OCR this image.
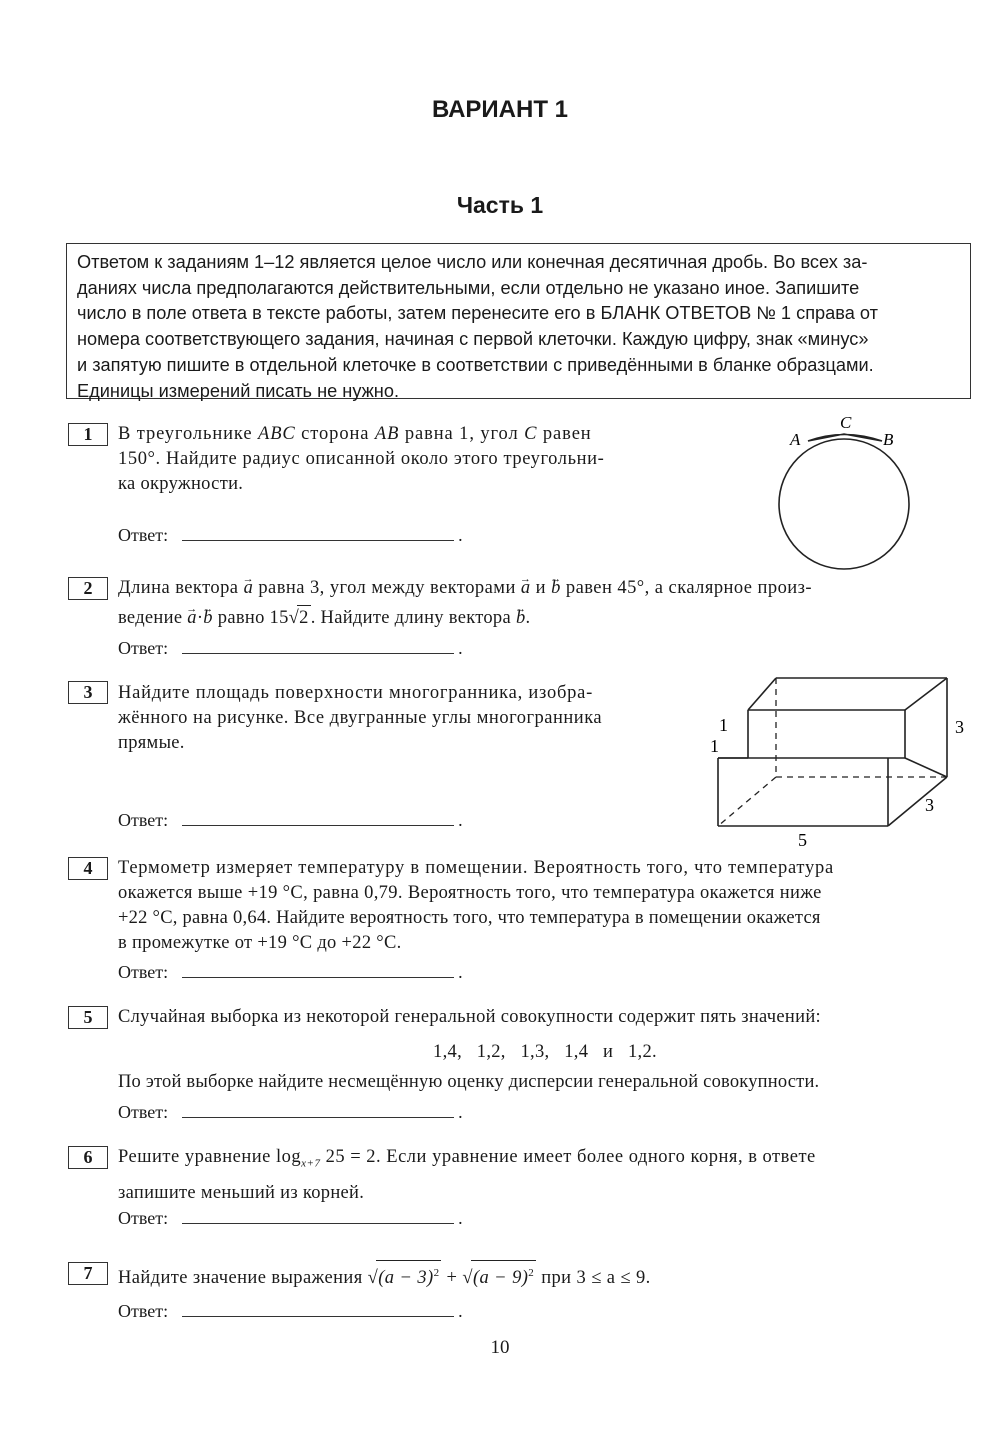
ВАРИАНТ 1
Часть 1
Ответом к заданиям 1–12 является целое число или конечная десятичная дробь. Во всех за-
даниях числа предполагаются действительными, если отдельно не указано иное. Запишите
число в поле ответа в тексте работы, затем перенесите его в БЛАНК ОТВЕТОВ № 1 справа от
номера соответствующего задания, начиная с первой клеточки. Каждую цифру, знак «минус»
и запятую пишите в отдельной клеточке в соответствии с приведёнными в бланке образцами.
Единицы измерений писать не нужно.
1	В треугольнике ABC сторона AB равна 1, угол C равен
150°. Найдите радиус описанной около этого треугольни-
ка окружности.
A
C
B
Ответ:	.
2	Длина вектора → a равна 3, угол между векторами → a и → b равен 45°, а скалярное произ-
ведение → a·→ b равно 15√2 . Найдите длину вектора → b.
Ответ:	.
3	Найдите площадь поверхности многогранника, изобра-
жённого на рисунке. Все двугранные углы многогранника
прямые.
1
1
3
3
5
Ответ:	.
4	Термометр измеряет температуру в помещении. Вероятность того, что температура
окажется выше +19 °C, равна 0,79. Вероятность того, что температура окажется ниже
+22 °C, равна 0,64. Найдите вероятность того, что температура в помещении окажется
в промежутке от +19 °C до +22 °C.
Ответ:	.
5	Случайная выборка из некоторой генеральной совокупности содержит пять значений:
1,4,   1,2,   1,3,   1,4   и   1,2.
По этой выборке найдите несмещённую оценку дисперсии генеральной совокупности.
Ответ:	.
6	Решите уравнение $\log_{x+7} 25 = 2$. Если уравнение имеет более одного корня, в ответе
запишите меньший из корней.
Ответ:	.
7	Найдите значение выражения $√(a - 3)^2 + √(a - 9)^2$ при 3 ≤ a ≤ 9.
Ответ:	.
10
